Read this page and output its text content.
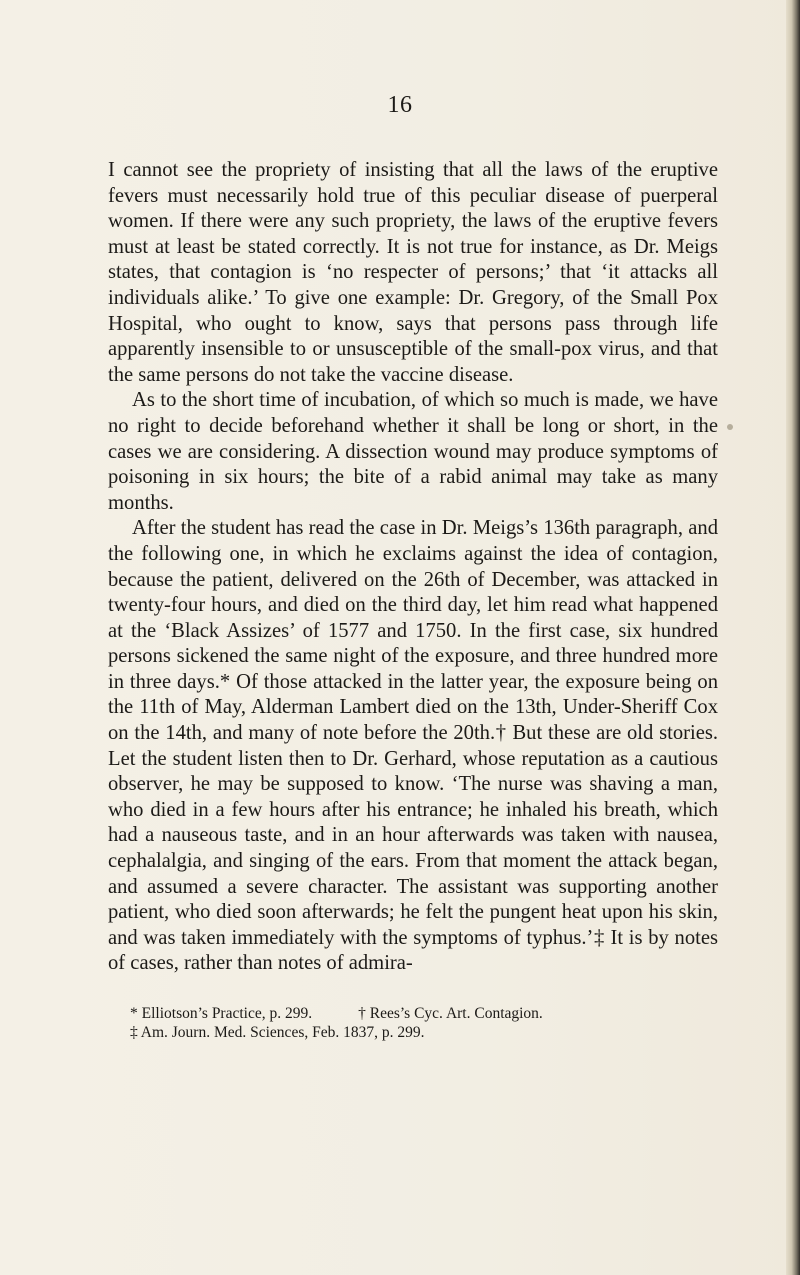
16

I cannot see the propriety of insisting that all the laws of the eruptive fevers must necessarily hold true of this peculiar disease of puerperal women. If there were any such propriety, the laws of the eruptive fevers must at least be stated correctly. It is not true for instance, as Dr. Meigs states, that contagion is ‘no respecter of persons;’ that ‘it attacks all individuals alike.’ To give one example: Dr. Gregory, of the Small Pox Hospital, who ought to know, says that persons pass through life apparently insensible to or unsusceptible of the small-pox virus, and that the same persons do not take the vaccine disease.

As to the short time of incubation, of which so much is made, we have no right to decide beforehand whether it shall be long or short, in the cases we are considering. A dissection wound may produce symptoms of poisoning in six hours; the bite of a rabid animal may take as many months.

After the student has read the case in Dr. Meigs’s 136th paragraph, and the following one, in which he exclaims against the idea of contagion, because the patient, delivered on the 26th of December, was attacked in twenty-four hours, and died on the third day, let him read what happened at the ‘Black Assizes’ of 1577 and 1750. In the first case, six hundred persons sickened the same night of the exposure, and three hundred more in three days.* Of those attacked in the latter year, the exposure being on the 11th of May, Alderman Lambert died on the 13th, Under-Sheriff Cox on the 14th, and many of note before the 20th.† But these are old stories. Let the student listen then to Dr. Gerhard, whose reputation as a cautious observer, he may be supposed to know. ‘The nurse was shaving a man, who died in a few hours after his entrance; he inhaled his breath, which had a nauseous taste, and in an hour afterwards was taken with nausea, cephalalgia, and singing of the ears. From that moment the attack began, and assumed a severe character. The assistant was supporting another patient, who died soon afterwards; he felt the pungent heat upon his skin, and was taken immediately with the symptoms of typhus.’‡ It is by notes of cases, rather than notes of admira-

* Elliotson’s Practice, p. 299.	† Rees’s Cyc. Art. Contagion.
‡ Am. Journ. Med. Sciences, Feb. 1837, p. 299.
